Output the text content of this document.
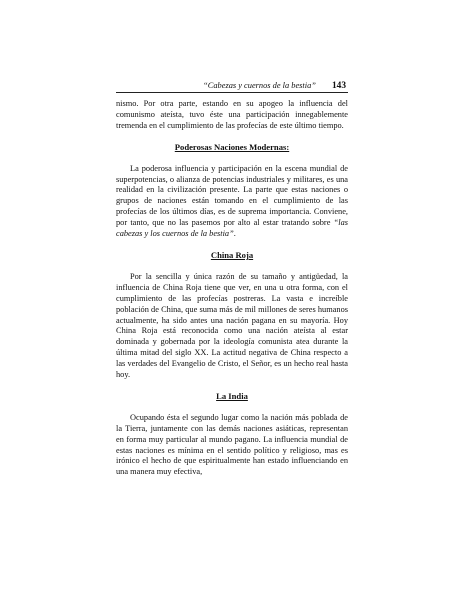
“Cabezas y cuernos de la bestia” 143

nismo. Por otra parte, estando en su apogeo la influencia del comunismo ateísta, tuvo éste una participación innegablemente tremenda en el cumplimiento de las profecías de este último tiempo.

Poderosas Naciones Modernas:

La poderosa influencia y participación en la escena mundial de superpotencias, o alianza de potencias industriales y militares, es una realidad en la civilización presente. La parte que estas naciones o grupos de naciones están tomando en el cumplimiento de las profecías de los últimos días, es de suprema importancia. Conviene, por tanto, que no las pasemos por alto al estar tratando sobre “las cabezas y los cuernos de la bestia”.

China Roja

Por la sencilla y única razón de su tamaño y antigüedad, la influencia de China Roja tiene que ver, en una u otra forma, con el cumplimiento de las profecías postreras. La vasta e increíble población de China, que suma más de mil millones de seres humanos actualmente, ha sido antes una nación pagana en su mayoría. Hoy China Roja está reconocida como una nación ateísta al estar dominada y gobernada por la ideología comunista atea durante la última mitad del siglo XX. La actitud negativa de China respecto a las verdades del Evangelio de Cristo, el Señor, es un hecho real hasta hoy.

La India

Ocupando ésta el segundo lugar como la nación más poblada de la Tierra, juntamente con las demás naciones asiáticas, representan en forma muy particular al mundo pagano. La influencia mundial de estas naciones es mínima en el sentido político y religioso, mas es irónico el hecho de que espiritualmente han estado influenciando en una manera muy efectiva,
